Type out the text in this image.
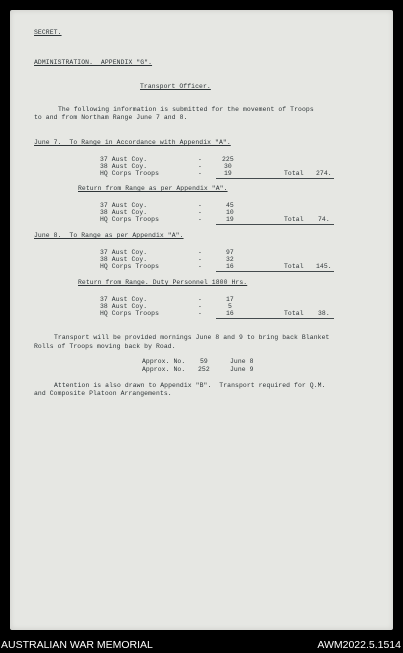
SECRET.
ADMINISTRATION.  APPENDIX "G".
Transport Officer.
The following information is submitted for the movement of Troops
to and from Northam Range June 7 and 8.
June 7.  To Range in Accordance with Appendix "A".
37 Aust Coy.	-	225
38 Aust Coy.	-	30
HQ Corps Troops	-	19	Total 274.
Return from Range as per Appendix "A".
37 Aust Coy.	-	45
38 Aust Coy.	-	10
HQ Corps Troops	-	19	Total 74.
June 8.  To Range as per Appendix "A".
37 Aust Coy.	-	97
38 Aust Coy.	-	32
HQ Corps Troops	-	16	Total 145.
Return from Range. Duty Personnel 1800 Hrs.
37 Aust Coy.	-	17
38 Aust Coy.	-	5
HQ Corps Troops	-	16	Total 38.
Transport will be provided mornings June 8 and 9 to bring back Blanket
Rolls of Troops moving back by Road.
Approx. No. 59	June 8
Approx. No. 252	June 9
Attention is also drawn to Appendix "B".  Transport required for Q.M.
and Composite Platoon Arrangements.
AUSTRALIAN WAR MEMORIAL	AWM2022.5.1514
